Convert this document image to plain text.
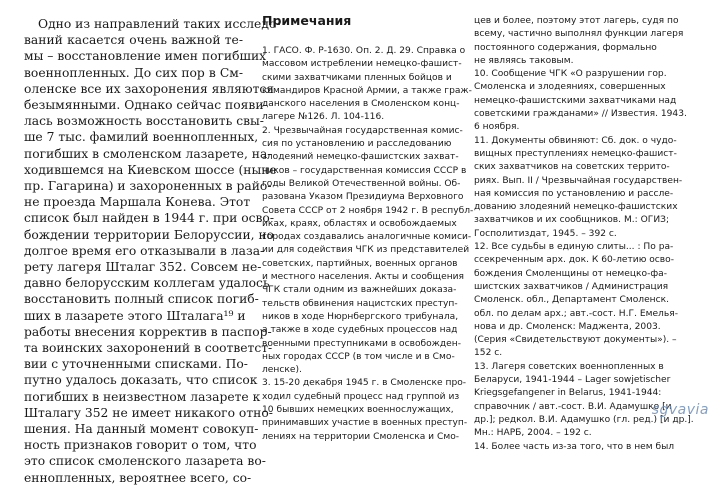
Одно из направлений таких исследо-
ваний касается очень важной те-
мы – восстановление имен погибших
военнопленных. До сих пор в См-
оленске все их захоронения являются
безымянными. Однако сейчас появи-
лась возможность восстановить свы-
ше 7 тыс. фамилий военнопленных,
погибших в смоленском лазарете, на-
ходившемся на Киевском шоссе (ныне
пр. Гагарина) и захороненных в райо-
не проезда Маршала Конева. Этот
список был найден в 1944 г. при осво-
бождении территории Белоруссии, но
долгое время его отказывали в лаза-
рету лагеря Шталаг 352. Совсем не-
давно белорусским коллегам удалось
восстановить полный список погиб-
ших в лазарете этого Шталага¹⁹ и
работы внесения корректив в паспор-
та воинских захоронений в соответст-
вии с уточненными списками. По-
путно удалось доказать, что список
погибших в неизвестном лазарете к
Шталагу 352 не имеет никакого отно-
шения. На данный момент совокуп-
ность признаков говорит о том, что
это список смоленского лазарета во-
еннопленных, вероятнее всего, со-
Примечания
1. ГАСО. Ф. Р-1630. Оп. 2. Д. 29. Справка о
массовом истреблении немецко-фашист-
скими захватчиками пленных бойцов и
командиров Красной Армии, а также граж-
данского населения в Смоленском конц-
лагере №126. Л. 104-116.
2. Чрезвычайная государственная комис-
сия по установлению и расследованию
злодеяний немецко-фашистских захват-
чиков – государственная комиссия СССР в
годы Великой Отечественной войны. Об-
разована Указом Президиума Верховного
Совета СССР от 2 ноября 1942 г. В республ-
иках, краях, областях и освобождаемых
городах создавались аналогичные комиси-
ии для содействия ЧГК из представителей
советских, партийных, военных органов
и местного населения. Акты и сообщения
ЧГК стали одним из важнейших доказа-
тельств обвинения нацистских преступ-
ников в ходе Нюрнбергского трибунала,
а также в ходе судебных процессов над
военными преступниками в освобожден-
ных городах СССР (в том числе и в Смо-
ленске).
3. 15-20 декабря 1945 г. в Смоленске про-
ходил судебный процесс над группой из
10 бывших немецких военнослужащих,
принимавших участие в военных преступ-
лениях на территории Смоленска и Смо-
цев и более, поэтому этот лагерь, судя по
всему, частично выполнял функции лагеря
постоянного содержания, формально
не являясь таковым.
10. Сообщение ЧГК «О разрушении гор.
Смоленска и злодеяниях, совершенных
немецко-фашистскими захватчиками над
советскими гражданами» // Известия. 1943.
6 ноября.
11. Документы обвиняют: Сб. док. о чудо-
вищных преступлениях немецко-фашист-
ских захватчиков на советских террито-
риях. Вып. II / Чрезвычайная государствен-
ная комиссия по установлению и рассле-
дованию злодеяний немецко-фашистских
захватчиков и их сообщников. М.: ОГИЗ;
Госполитиздат, 1945. – 392 с.
12. Все судьбы в единую слиты... : По ра-
ссекреченным арх. док. К 60-летию осво-
бождения Смоленщины от немецко-фа-
шистских захватчиков / Администрация
Смоленск. обл., Департамент Смоленск.
обл. по делам арх.; авт.-сост. Н.Г. Емелья-
нова и др. Смоленск: Маджента, 2003.
(Серия «Свидетельствуют документы»). –
152 с.
13. Лагеря советских военнопленных в
Беларуси, 1941-1944 – Lager sowjetischer
Kriegsgefangener in Belarus, 1941-1944:
справочник / авт.-сост. В.И. Адамушко [и
др.]; редкол. В.И. Адамушко (гл. ред.) [и др.].
Мн.: НАРБ, 2004. – 192 с.
14. Более часть из-за того, что в нем был
sgvavia
